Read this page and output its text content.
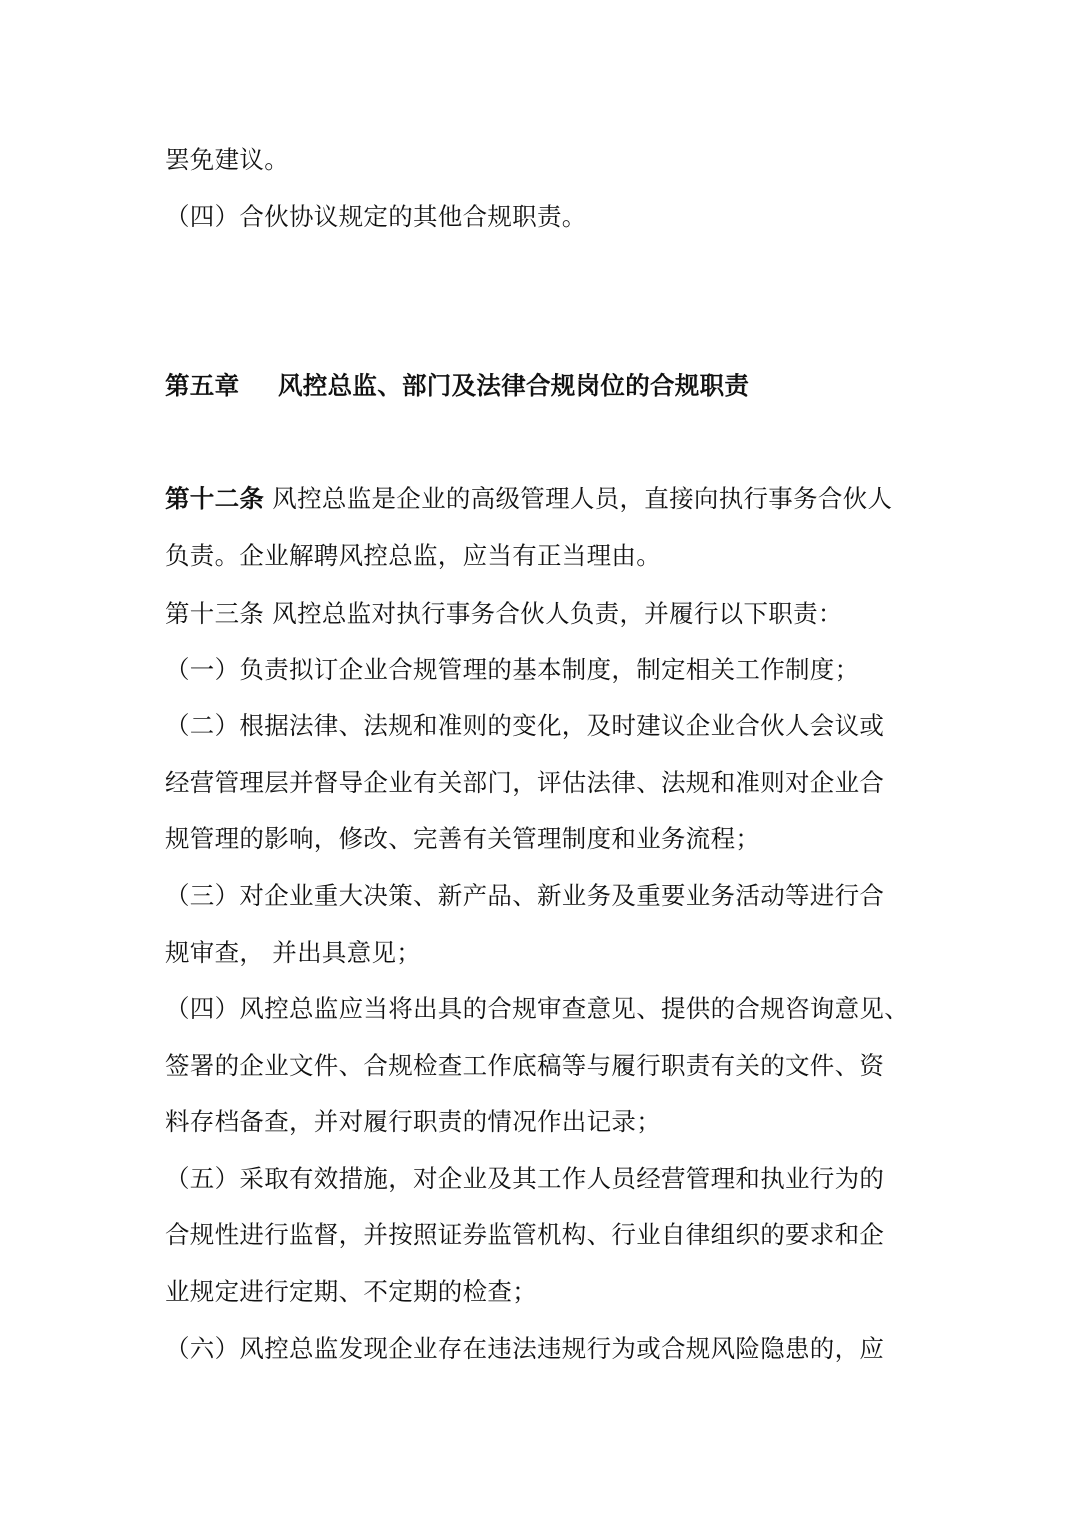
罢免建议。
（四）合伙协议规定的其他合规职责。
第五章 风控总监、部门及法律合规岗位的合规职责
第十二条 风控总监是企业的高级管理人员，直接向执行事务合伙人
负责。企业解聘风控总监，应当有正当理由。
第十三条 风控总监对执行事务合伙人负责，并履行以下职责：
（一）负责拟订企业合规管理的基本制度，制定相关工作制度；
（二）根据法律、法规和准则的变化，及时建议企业合伙人会议或
经营管理层并督导企业有关部门，评估法律、法规和准则对企业合
规管理的影响，修改、完善有关管理制度和业务流程；
（三）对企业重大决策、新产品、新业务及重要业务活动等进行合
规审查， 并出具意见；
（四）风控总监应当将出具的合规审查意见、提供的合规咨询意见、
签署的企业文件、合规检查工作底稿等与履行职责有关的文件、资
料存档备查，并对履行职责的情况作出记录；
（五）采取有效措施，对企业及其工作人员经营管理和执业行为的
合规性进行监督，并按照证券监管机构、行业自律组织的要求和企
业规定进行定期、不定期的检查；
（六）风控总监发现企业存在违法违规行为或合规风险隐患的，应
